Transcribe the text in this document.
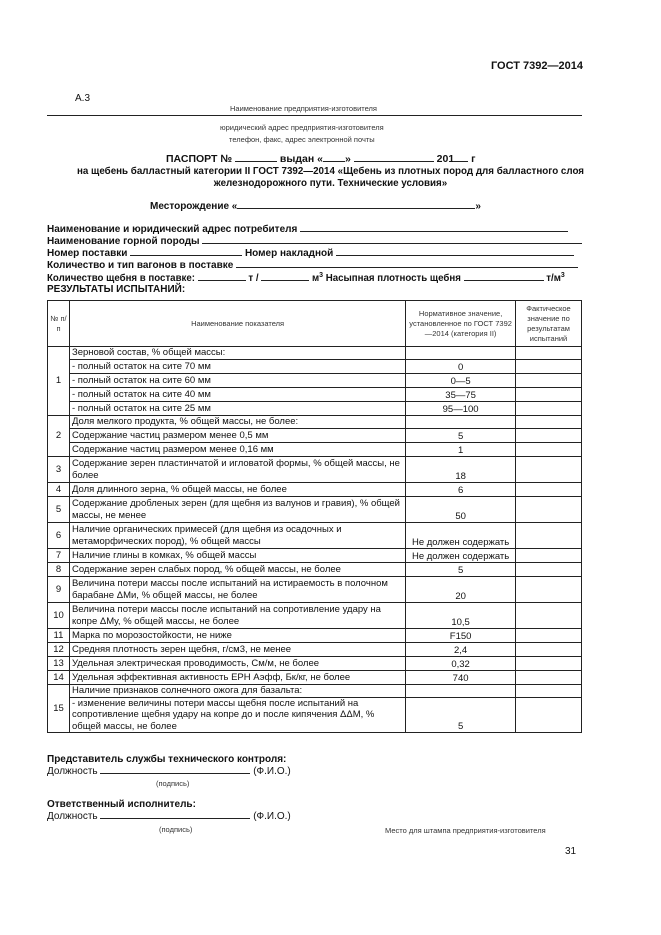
ГОСТ 7392—2014
А.3
Наименование предприятия-изготовителя
юридический адрес предприятия-изготовителя
телефон, факс, адрес электронной почты
ПАСПОРТ №	выдан « »	201 г
на щебень балластный категории II ГОСТ 7392—2014 «Щебень из плотных пород для балластного слоя
железнодорожного пути. Технические условия»
Месторождение «	»
Наименование и юридический адрес потребителя
Наименование горной породы
Номер поставки	Номер накладной
Количество и тип вагонов в поставке
Количество щебня в поставке:	т /	$м^3$ Насыпная плотность щебня	$т/м^3$
РЕЗУЛЬТАТЫ ИСПЫТАНИЙ:
№ п/п	Наименование показателя	Нормативное значение, установленное по ГОСТ 7392—2014 (категория II)	Фактическое значение по результатам испытаний
1	Зерновой состав, % общей массы:		
	- полный остаток на сите 70 мм	0	
	- полный остаток на сите 60 мм	0—5	
	- полный остаток на сите 40 мм	35—75	
	- полный остаток на сите 25 мм	95—100	
2	Доля мелкого продукта, % общей массы, не более:		
	Содержание частиц размером менее 0,5 мм	5	
	Содержание частиц размером менее 0,16 мм	1	
3	Содержание зерен пластинчатой и игловатой формы, % общей массы, не более	18	
4	Доля длинного зерна, % общей массы, не более	6	
5	Содержание дробленых зерен (для щебня из валунов и гравия), % общей массы, не менее	50	
6	Наличие органических примесей (для щебня из осадочных и метаморфических пород), % общей массы	Не должен содержать	
7	Наличие глины в комках, % общей массы	Не должен содержать	
8	Содержание зерен слабых пород, % общей массы, не более	5	
9	Величина потери массы после испытаний на истираемость в полочном барабане ΔMи, % общей массы, не более	20	
10	Величина потери массы после испытаний на сопротивление удару на копре ΔMу, % общей массы, не более	10,5	
11	Марка по морозостойкости, не ниже	F150	
12	Средняя плотность зерен щебня, г/см3, не менее	2,4	
13	Удельная электрическая проводимость, См/м, не более	0,32	
14	Удельная эффективная активность ЕРН Аэфф, Бк/кг, не более	740	
15	Наличие признаков солнечного ожога для базальта:		
	- изменение величины потери массы щебня после испытаний на сопротивление щебня удару на копре до и после кипячения ΔΔM, % общей массы, не более	5	
Представитель службы технического контроля:
Должность	(Ф.И.О.)
(подпись)
Ответственный исполнитель:
Должность	(Ф.И.О.)
(подпись)	Место для штампа предприятия-изготовителя
31
